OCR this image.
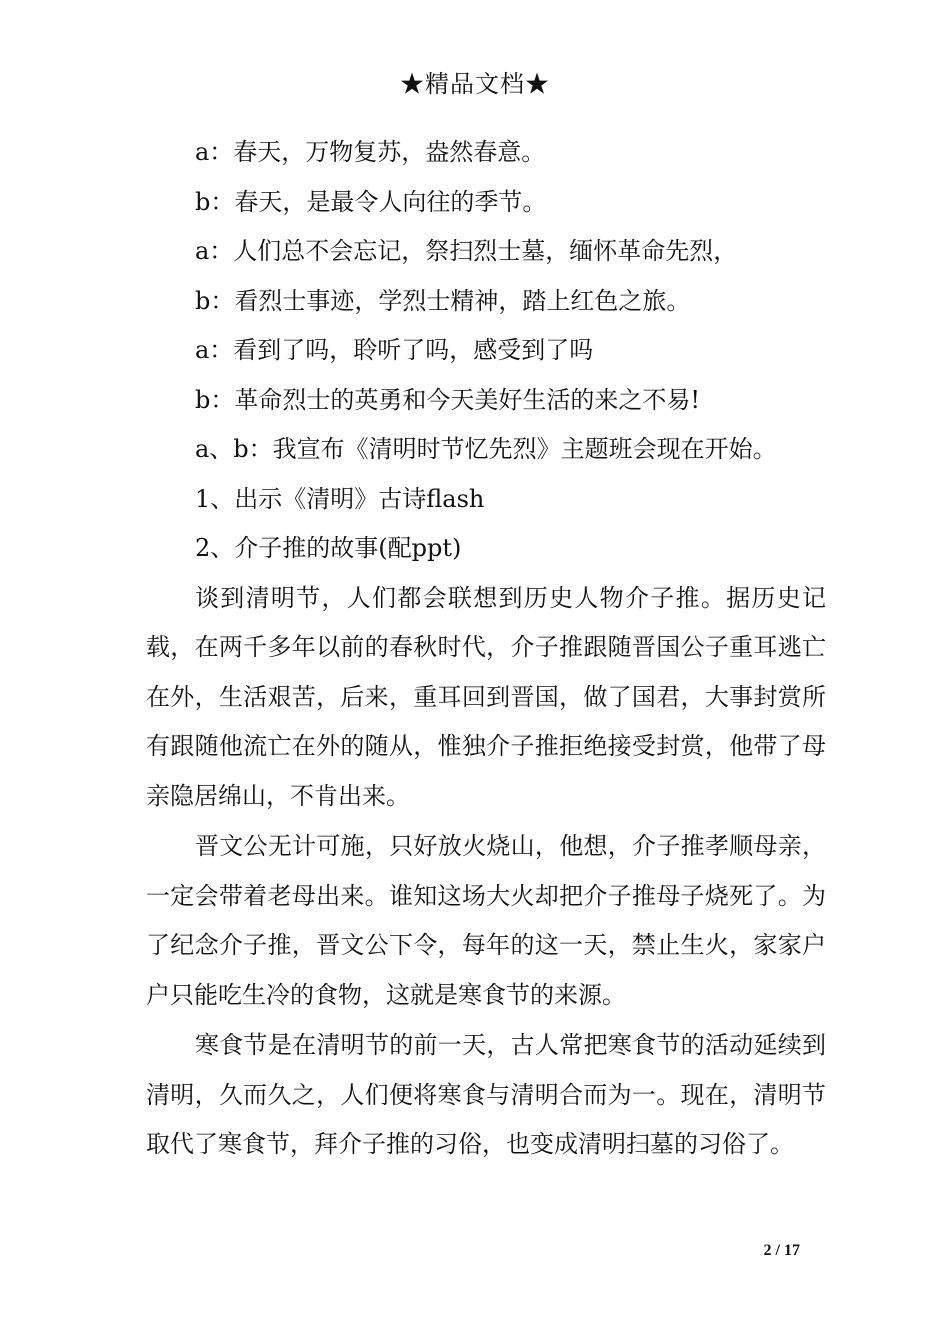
★精品文档★
a：春天，万物复苏，盎然春意。
b：春天，是最令人向往的季节。
a：人们总不会忘记，祭扫烈士墓，缅怀革命先烈，
b：看烈士事迹，学烈士精神，踏上红色之旅。
a：看到了吗，聆听了吗，感受到了吗
b：革命烈士的英勇和今天美好生活的来之不易!
a、b：我宣布《清明时节忆先烈》主题班会现在开始。
1、出示《清明》古诗flash
2、介子推的故事(配ppt)

谈到清明节，人们都会联想到历史人物介子推。据历史记载，在两千多年以前的春秋时代，介子推跟随晋国公子重耳逃亡在外，生活艰苦，后来，重耳回到晋国，做了国君，大事封赏所有跟随他流亡在外的随从，惟独介子推拒绝接受封赏，他带了母亲隐居绵山，不肯出来。

晋文公无计可施，只好放火烧山，他想，介子推孝顺母亲，一定会带着老母出来。谁知这场大火却把介子推母子烧死了。为了纪念介子推，晋文公下令，每年的这一天，禁止生火，家家户户只能吃生冷的食物，这就是寒食节的来源。

寒食节是在清明节的前一天，古人常把寒食节的活动延续到清明，久而久之，人们便将寒食与清明合而为一。现在，清明节取代了寒食节，拜介子推的习俗，也变成清明扫墓的习俗了。

2 / 17
